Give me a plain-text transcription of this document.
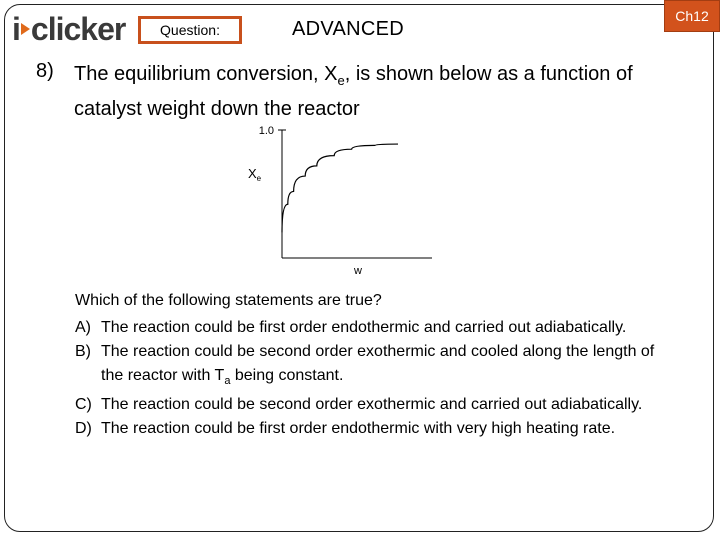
i clicker Question:	ADVANCED
Ch12
8) The equilibrium conversion, $X_e$, is shown below as a function of catalyst weight down the reactor
1.0
$X_e$
w
Which of the following statements are true?
A) The reaction could be first order endothermic and carried out adiabatically.
B) The reaction could be second order exothermic and cooled along the length of the reactor with $T_a$ being constant.
C) The reaction could be second order exothermic and carried out adiabatically.
D) The reaction could be first order endothermic with very high heating rate.
